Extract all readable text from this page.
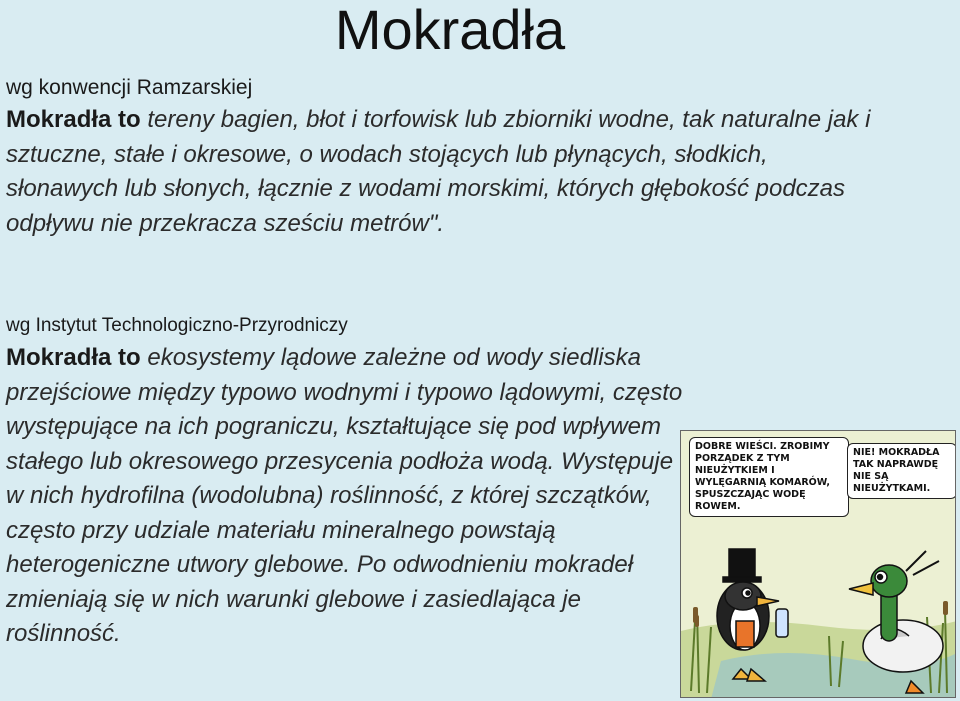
Mokradła
wg konwencji Ramzarskiej
Mokradła to tereny bagien, błot i torfowisk lub zbiorniki wodne, tak naturalne jak i sztuczne, stałe i okresowe, o wodach stojących lub płynących, słodkich, słonawych lub słonych, łącznie z wodami morskimi, których głębokość podczas odpływu nie przekracza sześciu metrów".
wg Instytut Technologiczno-Przyrodniczy
Mokradła to ekosystemy lądowe zależne od wody siedliska przejściowe między typowo wodnymi i typowo lądowymi, często występujące na ich pograniczu, kształtujące się pod wpływem stałego lub okresowego przesycenia podłoża wodą. Występuje w nich hydrofilna (wodolubna) roślinność, z której szczątków, często przy udziale materiału mineralnego powstają heterogeniczne utwory glebowe. Po odwodnieniu mokradeł zmieniają się w nich warunki glebowe i zasiedlająca je roślinność.
DOBRE WIEŚCI. ZROBIMY PORZĄDEK Z TYM NIEUŻYTKIEM I WYLĘGARNIĄ KOMARÓW, SPUSZCZAJĄC WODĘ ROWEM.
NIE! MOKRADŁA TAK NAPRAWDĘ NIE SĄ NIEUŻYTKAMI.
